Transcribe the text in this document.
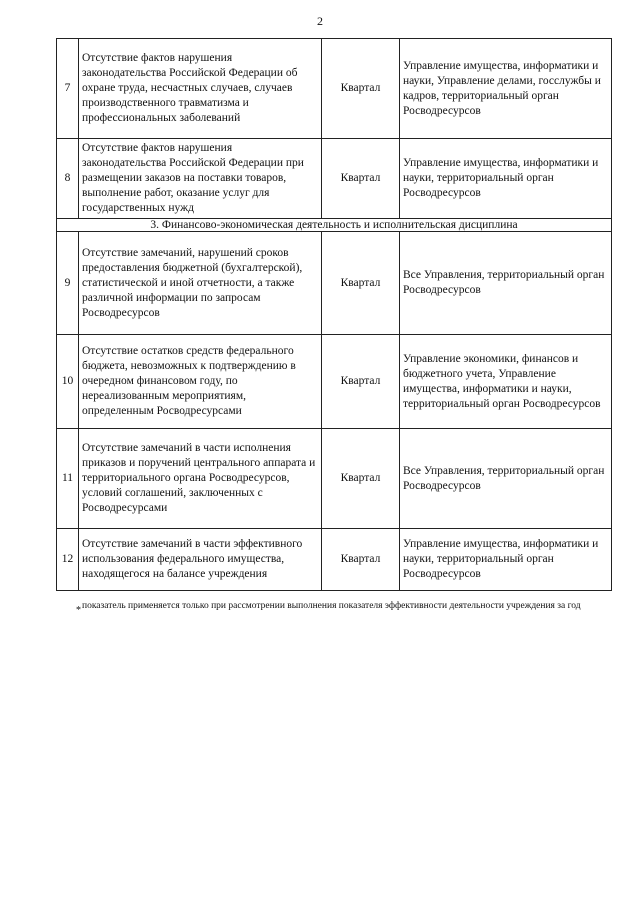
2
7	Отсутствие фактов нарушения законодательства Российской Федерации об охране труда, несчастных случаев, случаев производственного травматизма и профессиональных заболеваний	Квартал	Управление имущества, информатики и науки, Управление делами, госслужбы и кадров, территориальный орган Росводресурсов
8	Отсутствие фактов нарушения законодательства Российской Федерации при размещении заказов на поставки товаров, выполнение работ, оказание услуг для государственных нужд	Квартал	Управление имущества, информатики и науки, территориальный орган Росводресурсов
3. Финансово-экономическая деятельность и исполнительская дисциплина			
9	Отсутствие замечаний, нарушений сроков предоставления бюджетной (бухгалтерской), статистической и иной отчетности, а также различной информации по запросам Росводресурсов	Квартал	Все Управления, территориальный орган Росводресурсов
10	Отсутствие остатков средств федерального бюджета, невозможных к подтверждению в очередном финансовом году, по нереализованным мероприятиям, определенным Росводресурсами	Квартал	Управление экономики, финансов и бюджетного учета, Управление имущества, информатики и науки, территориальный орган Росводресурсов
11	Отсутствие замечаний в части исполнения приказов и поручений центрального аппарата и территориального органа Росводресурсов, условий соглашений, заключенных с Росводресурсами	Квартал	Все Управления, территориальный орган Росводресурсов
12	Отсутствие замечаний в части эффективного использования федерального имущества, находящегося на балансе учреждения	Квартал	Управление имущества, информатики и науки, территориальный орган Росводресурсов
* показатель применяется только при рассмотрении выполнения показателя эффективности деятельности учреждения за год
